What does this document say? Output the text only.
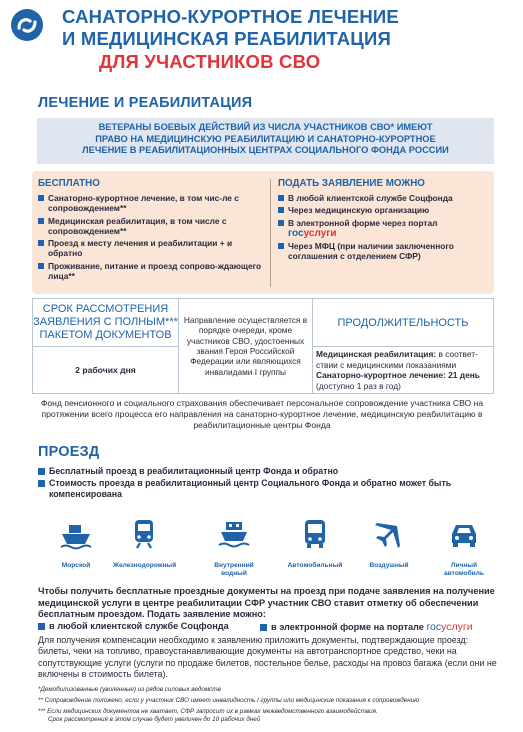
САНАТОРНО-КУРОРТНОЕ ЛЕЧЕНИЕ
И МЕДИЦИНСКАЯ РЕАБИЛИТАЦИЯ
ДЛЯ УЧАСТНИКОВ СВО
ЛЕЧЕНИЕ И РЕАБИЛИТАЦИЯ
ВЕТЕРАНЫ БОЕВЫХ ДЕЙСТВИЙ ИЗ ЧИСЛА УЧАСТНИКОВ СВО* ИМЕЮТ
ПРАВО НА МЕДИЦИНСКУЮ РЕАБИЛИТАЦИЮ И САНАТОРНО-КУРОРТНОЕ
ЛЕЧЕНИЕ В РЕАБИЛИТАЦИОННЫХ ЦЕНТРАХ СОЦИАЛЬНОГО ФОНДА РОССИИ
БЕСПЛАТНО
Санаторно-курортное лечение, в том чис-ле с сопровождением**
Медицинская реабилитация, в том числе с сопровождением**
Проезд к месту лечения и реабилитации + и обратно
Проживание, питание и проезд сопрово-ждающего лица**
ПОДАТЬ ЗАЯВЛЕНИЕ МОЖНО
В любой клиентской службе Соцфонда
Через медицинскую организацию
В электронной форме через портал
госуслуги
Через МФЦ (при наличии заключенного соглашения с отделением СФР)
СРОК РАССМОТРЕНИЯ ЗАЯВЛЕНИЯ С ПОЛНЫМ*** ПАКЕТОМ ДОКУМЕНТОВ	Направление осуществляется в порядке очереди, кроме участников СВО, удостоенных звания Героя Российской Федерации или являющихся инвалидами I группы	ПРОДОЛЖИТЕЛЬНОСТЬ
2 рабочих дня		Медицинская реабилитация: в соответ-ствии с медицинскими показаниями
Санаторно-курортное лечение: 21 день (доступно 1 раз в год)
Фонд пенсионного и социального страхования обеспечивает персональное сопровождение участника СВО на протяжении всего процесса его направления на санаторно-курортное лечение, медицинскую реабилитацию в реабилитационные центры Фонда
ПРОЕЗД
Бесплатный проезд в реабилитационный центр Фонда и обратно
Стоимость проезда в реабилитационный центр Социального Фонда и обратно может быть компенсирована
Морской	Железнодорожный	Внутренний водный
Автомобильный	Воздушный	Личный автомобиль
Чтобы получить бесплатные проездные документы на проезд при подаче заявления на получение медицинской услуги в центре реабилитации СФР участник СВО ставит отметку об обеспечении бесплатным проездом. Подать заявление можно:
в любой клиентской службе Соцфонда	в электронной форме на портале
госуслуги
Для получения компенсации необходимо к заявлению приложить документы, подтверждающие проезд: билеты, чеки на топливо, правоустанавливающие документы на автотранспортное средство, чеки на сопутствующие услуги (услуги по продаже билетов, постельное белье, расходы на провоз багажа (если они не включены в стоимость билета).
*Демобилизованные (уволенные) из рядов силовых ведомств
** Сопровождение положено, если у участник СВО имеет инвалидность I группы или медицинские показания к сопровождению
*** Если медицинских документов не хватает, СФР запросит их в рамках межведомственного взаимодействия.
Срок рассмотрения в этом случае будет увеличен до 10 рабочих дней
